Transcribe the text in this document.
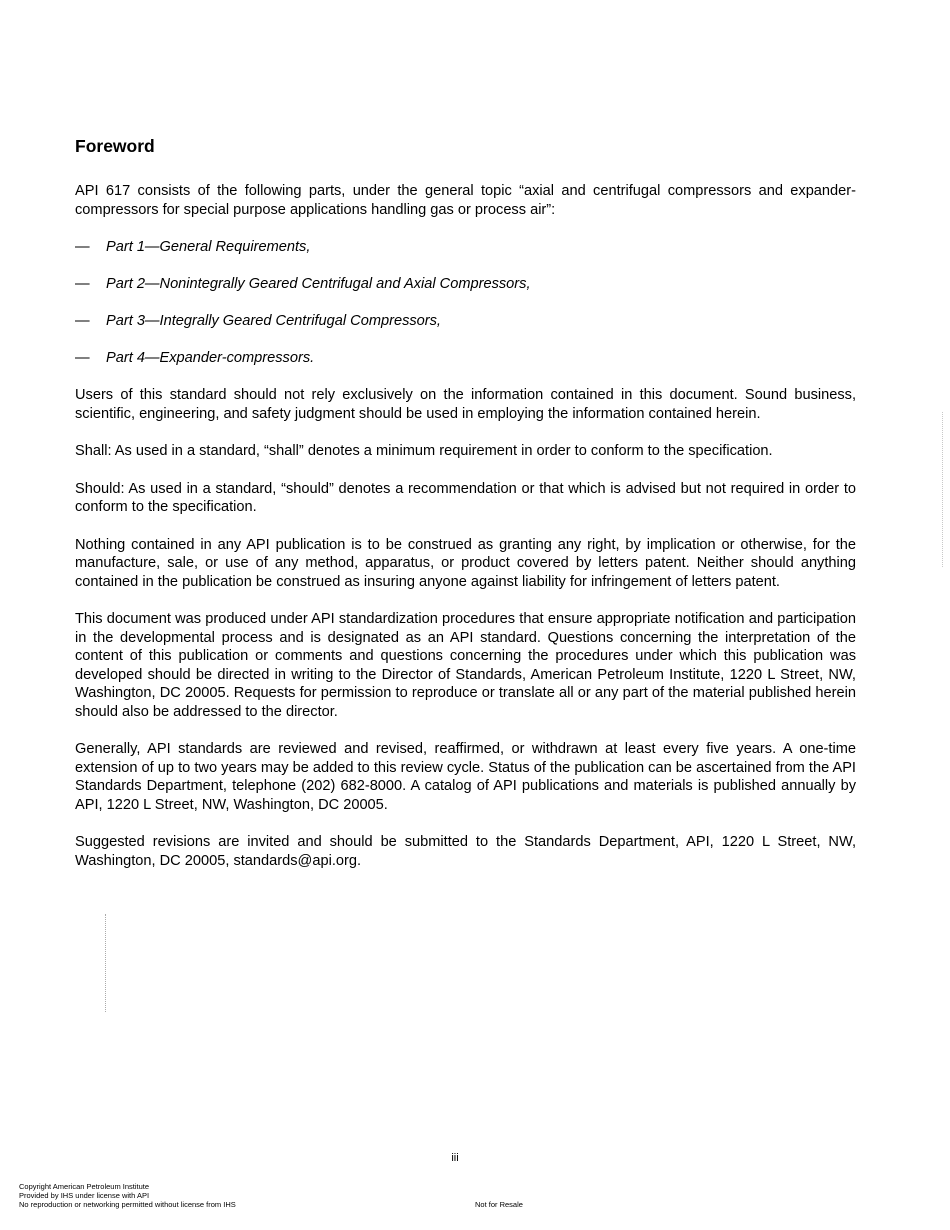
Foreword

API 617 consists of the following parts, under the general topic “axial and centrifugal compressors and expander-compressors for special purpose applications handling gas or process air”:

—	Part 1—General Requirements,
—	Part 2—Nonintegrally Geared Centrifugal and Axial Compressors,
—	Part 3—Integrally Geared Centrifugal Compressors,
—	Part 4—Expander-compressors.

Users of this standard should not rely exclusively on the information contained in this document. Sound business, scientific, engineering, and safety judgment should be used in employing the information contained herein.

Shall: As used in a standard, “shall” denotes a minimum requirement in order to conform to the specification.

Should: As used in a standard, “should” denotes a recommendation or that which is advised but not required in order to conform to the specification.

Nothing contained in any API publication is to be construed as granting any right, by implication or otherwise, for the manufacture, sale, or use of any method, apparatus, or product covered by letters patent. Neither should anything contained in the publication be construed as insuring anyone against liability for infringement of letters patent.

This document was produced under API standardization procedures that ensure appropriate notification and participation in the developmental process and is designated as an API standard. Questions concerning the interpretation of the content of this publication or comments and questions concerning the procedures under which this publication was developed should be directed in writing to the Director of Standards, American Petroleum Institute, 1220 L Street, NW, Washington, DC 20005. Requests for permission to reproduce or translate all or any part of the material published herein should also be addressed to the director.

Generally, API standards are reviewed and revised, reaffirmed, or withdrawn at least every five years. A one-time extension of up to two years may be added to this review cycle. Status of the publication can be ascertained from the API Standards Department, telephone (202) 682-8000. A catalog of API publications and materials is published annually by API, 1220 L Street, NW, Washington, DC 20005.

Suggested revisions are invited and should be submitted to the Standards Department, API, 1220 L Street, NW, Washington, DC 20005, standards@api.org.

iii
Copyright American Petroleum Institute
Provided by IHS under license with API
No reproduction or networking permitted without license from IHS	Not for Resale
